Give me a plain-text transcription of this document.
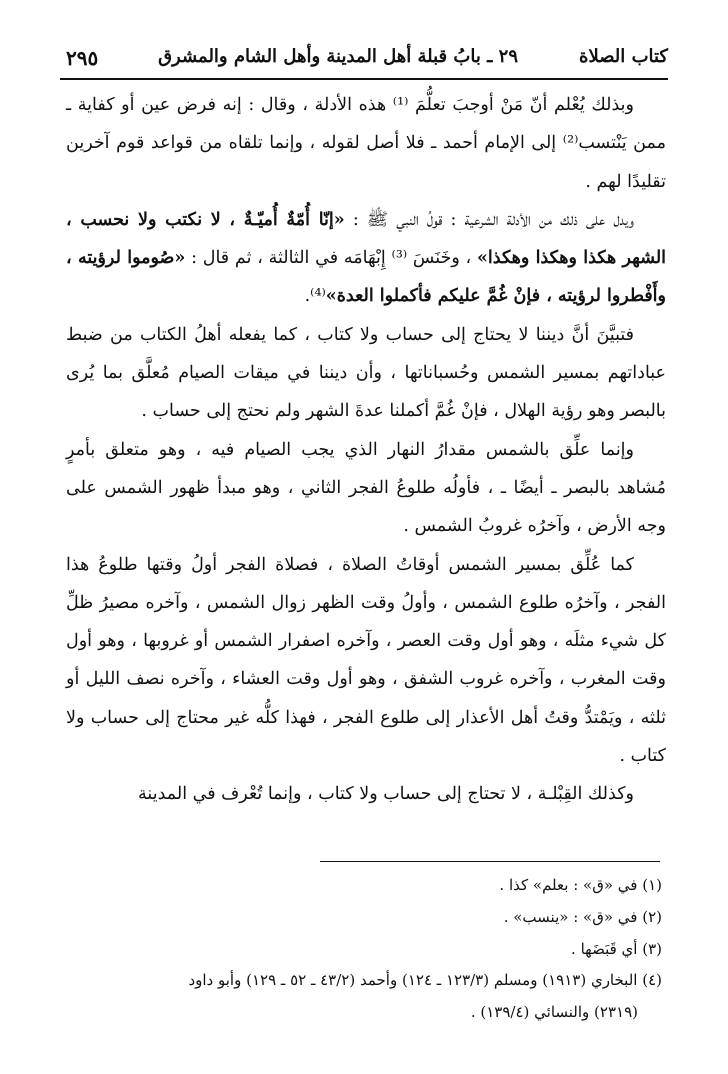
كتاب الصلاة
٢٩ ـ بابُ قبلة أهل المدينة وأهل الشام والمشرق
٢٩٥

وبذلك يُعْلم أنّ مَنْ أوجبَ تعلُّمَ ⁽¹⁾ هذه الأدلة ، وقال : إنه فرض عين أو كفاية ـ ممن يَنْتسب⁽²⁾ إلى الإمام أحمد ـ فلا أصل لقوله ، وإنما تلقاه من قواعد قوم آخرين تقليدًا لهم .

ويدل على ذلك من الأدلة الشرعية : قولُ النبي ﷺ : «إنّا أُمّةٌ أُميّـةٌ ، لا نكتب ولا نحسب ، الشهر هكذا وهكذا وهكذا» ، وخَنَسَ ⁽³⁾ إِبْهَامَه في الثالثة ، ثم قال : «صُوموا لرؤيته ، وأَفْطروا لرؤيته ، فإنْ غُمَّ عليكم فأكملوا العدة»⁽⁴⁾.

فتبيَّنَ أنَّ ديننا لا يحتاج إلى حساب ولا كتاب ، كما يفعله أهلُ الكتاب من ضبط عباداتهم بمسير الشمس وحُسباناتها ، وأن ديننا في ميقات الصيام مُعلَّق بما يُرى بالبصر وهو رؤية الهلال ، فإنْ غُمَّ أكملنا عدةَ الشهر ولم نحتج إلى حساب .

وإنما علِّق بالشمس مقدارُ النهار الذي يجب الصيام فيه ، وهو متعلق بأمرٍ مُشاهد بالبصر ـ أيضًا ـ ، فأولُه طلوعُ الفجر الثاني ، وهو مبدأ ظهور الشمس على وجه الأرض ، وآخرُه غروبُ الشمس .

كما عُلِّق بمسير الشمس أوقاتُ الصلاة ، فصلاة الفجر أولُ وقتها طلوعُ هذا الفجر ، وآخرُه طلوع الشمس ، وأولُ وقت الظهر زوال الشمس ، وآخره مصيرُ ظلِّ كل شيء مثلَه ، وهو أول وقت العصر ، وآخره اصفرار الشمس أو غروبها ، وهو أول وقت المغرب ، وآخره غروب الشفق ، وهو أول وقت العشاء ، وآخره نصف الليل أو ثلثه ، ويَمْتدُّ وقتُ أهل الأعذار إلى طلوع الفجر ، فهذا كلُّه غير محتاج إلى حساب ولا كتاب .

وكذلك القِبْلـة ، لا تحتاج إلى حساب ولا كتاب ، وإنما تُعْرف في المدينة

(١) في «ق» : بعلم» كذا .
(٢) في «ق» : «ينسب» .
(٣) أي قَبَضَها .
(٤) البخاري (١٩١٣) ومسلم (١٢٣/٣ ـ ١٢٤) وأحمد (٤٣/٢ ـ ٥٢ ـ ١٢٩) وأبو داود
(٢٣١٩) والنسائي (١٣٩/٤) .
